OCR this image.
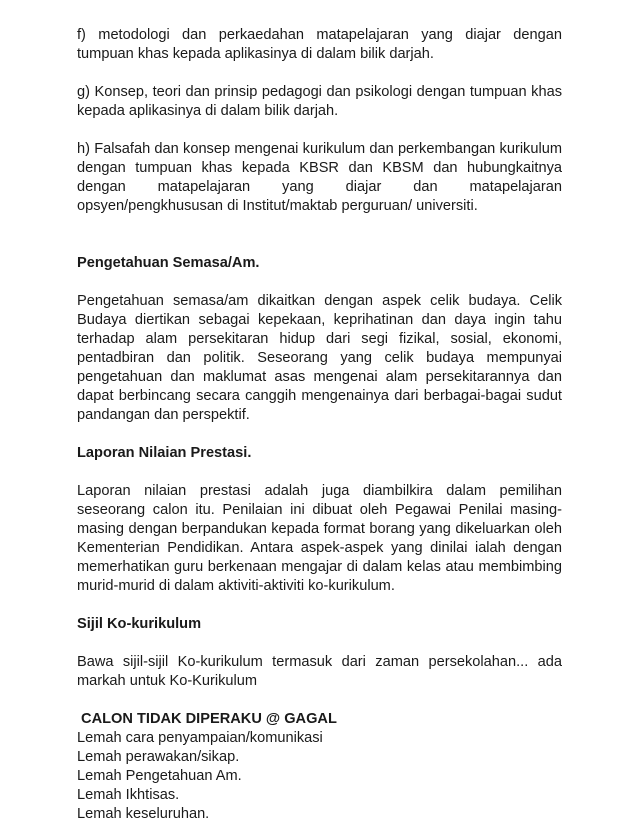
f) metodologi dan perkaedahan matapelajaran yang diajar dengan tumpuan khas kepada aplikasinya di dalam bilik darjah.

g) Konsep, teori dan prinsip pedagogi dan psikologi dengan tumpuan khas kepada aplikasinya di dalam bilik darjah.

h) Falsafah dan konsep mengenai kurikulum dan perkembangan kurikulum dengan tumpuan khas kepada KBSR dan KBSM dan hubungkaitnya dengan matapelajaran yang diajar dan matapelajaran opsyen/pengkhususan di Institut/maktab perguruan/ universiti.

Pengetahuan Semasa/Am.

Pengetahuan semasa/am dikaitkan dengan aspek celik budaya. Celik Budaya diertikan sebagai kepekaan, keprihatinan dan daya ingin tahu terhadap alam persekitaran hidup dari segi fizikal, sosial, ekonomi, pentadbiran dan politik. Seseorang yang celik budaya mempunyai pengetahuan dan maklumat asas mengenai alam persekitarannya dan dapat berbincang secara canggih mengenainya dari berbagai-bagai sudut pandangan dan perspektif.

Laporan Nilaian Prestasi.

Laporan nilaian prestasi adalah juga diambilkira dalam pemilihan seseorang calon itu. Penilaian ini dibuat oleh Pegawai Penilai masing-masing dengan berpandukan kepada format borang yang dikeluarkan oleh Kementerian Pendidikan. Antara aspek-aspek yang dinilai ialah dengan memerhatikan guru berkenaan mengajar di dalam kelas atau membimbing murid-murid di dalam aktiviti-aktiviti ko-kurikulum.

Sijil Ko-kurikulum

Bawa sijil-sijil Ko-kurikulum termasuk dari zaman persekolahan... ada markah untuk Ko-Kurikulum

CALON TIDAK DIPERAKU @ GAGAL

Lemah cara penyampaian/komunikasi
Lemah perawakan/sikap.
Lemah Pengetahuan Am.
Lemah Ikhtisas.
Lemah keseluruhan.
